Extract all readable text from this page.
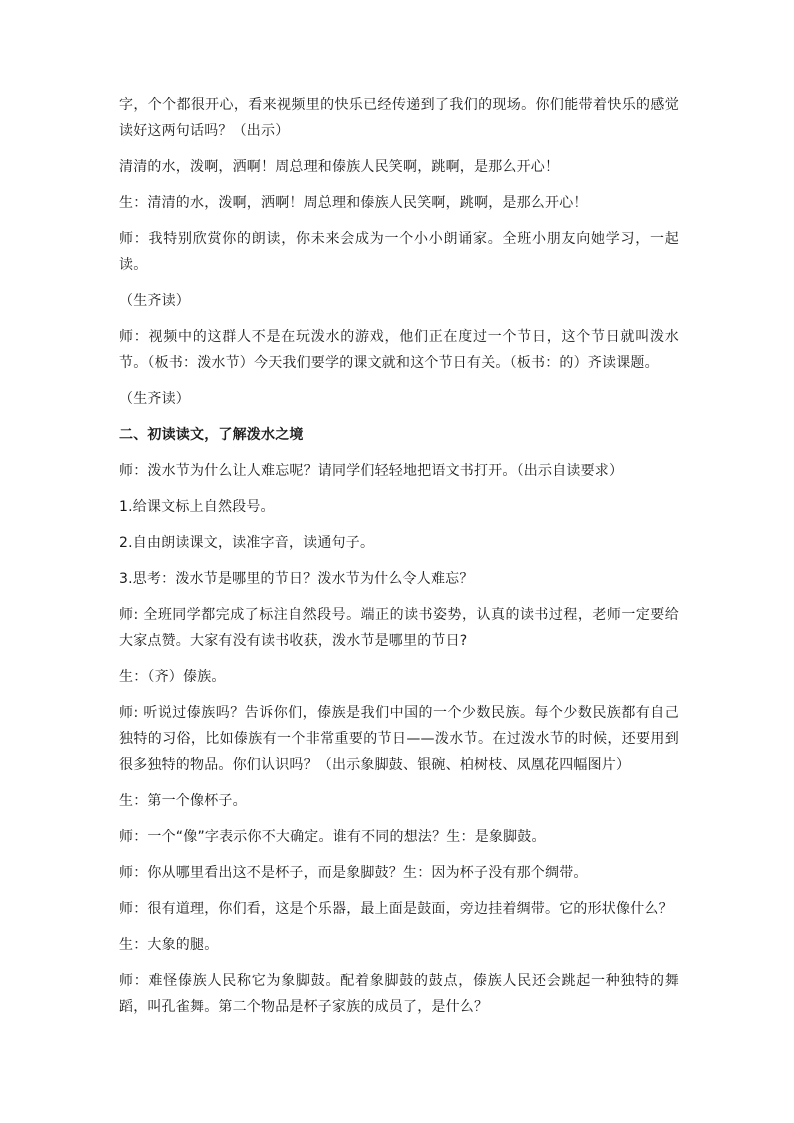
字，个个都很开心，看来视频里的快乐已经传递到了我们的现场。你们能带着快乐的感觉读好这两句话吗？（出示）

清清的水，泼啊，洒啊！周总理和傣族人民笑啊，跳啊，是那么开心！

生：清清的水，泼啊，洒啊！周总理和傣族人民笑啊，跳啊，是那么开心！

师：我特别欣赏你的朗读，你未来会成为一个小小朗诵家。全班小朋友向她学习，一起读。

（生齐读）

师：视频中的这群人不是在玩泼水的游戏，他们正在度过一个节日，这个节日就叫泼水节。（板书：泼水节）今天我们要学的课文就和这个节日有关。（板书：的）齐读课题。

（生齐读）

二、初读读文，了解泼水之境

师：泼水节为什么让人难忘呢？请同学们轻轻地把语文书打开。（出示自读要求）

1.给课文标上自然段号。

2.自由朗读课文，读准字音，读通句子。

3.思考：泼水节是哪里的节日？泼水节为什么令人难忘？

师: 全班同学都完成了标注自然段号。端正的读书姿势，认真的读书过程，老师一定要给大家点赞。大家有没有读书收获，泼水节是哪里的节日?

生：（齐）傣族。

师: 听说过傣族吗？告诉你们，傣族是我们中国的一个少数民族。每个少数民族都有自己独特的习俗，比如傣族有一个非常重要的节日——泼水节。在过泼水节的时候，还要用到很多独特的物品。你们认识吗？（出示象脚鼓、银碗、柏树枝、凤凰花四幅图片）

生：第一个像杯子。

师：一个“像”字表示你不大确定。谁有不同的想法？生：是象脚鼓。

师：你从哪里看出这不是杯子，而是象脚鼓？生：因为杯子没有那个绸带。

师：很有道理，你们看，这是个乐器，最上面是鼓面，旁边挂着绸带。它的形状像什么？

生：大象的腿。

师：难怪傣族人民称它为象脚鼓。配着象脚鼓的鼓点，傣族人民还会跳起一种独特的舞蹈，叫孔雀舞。第二个物品是杯子家族的成员了，是什么？
